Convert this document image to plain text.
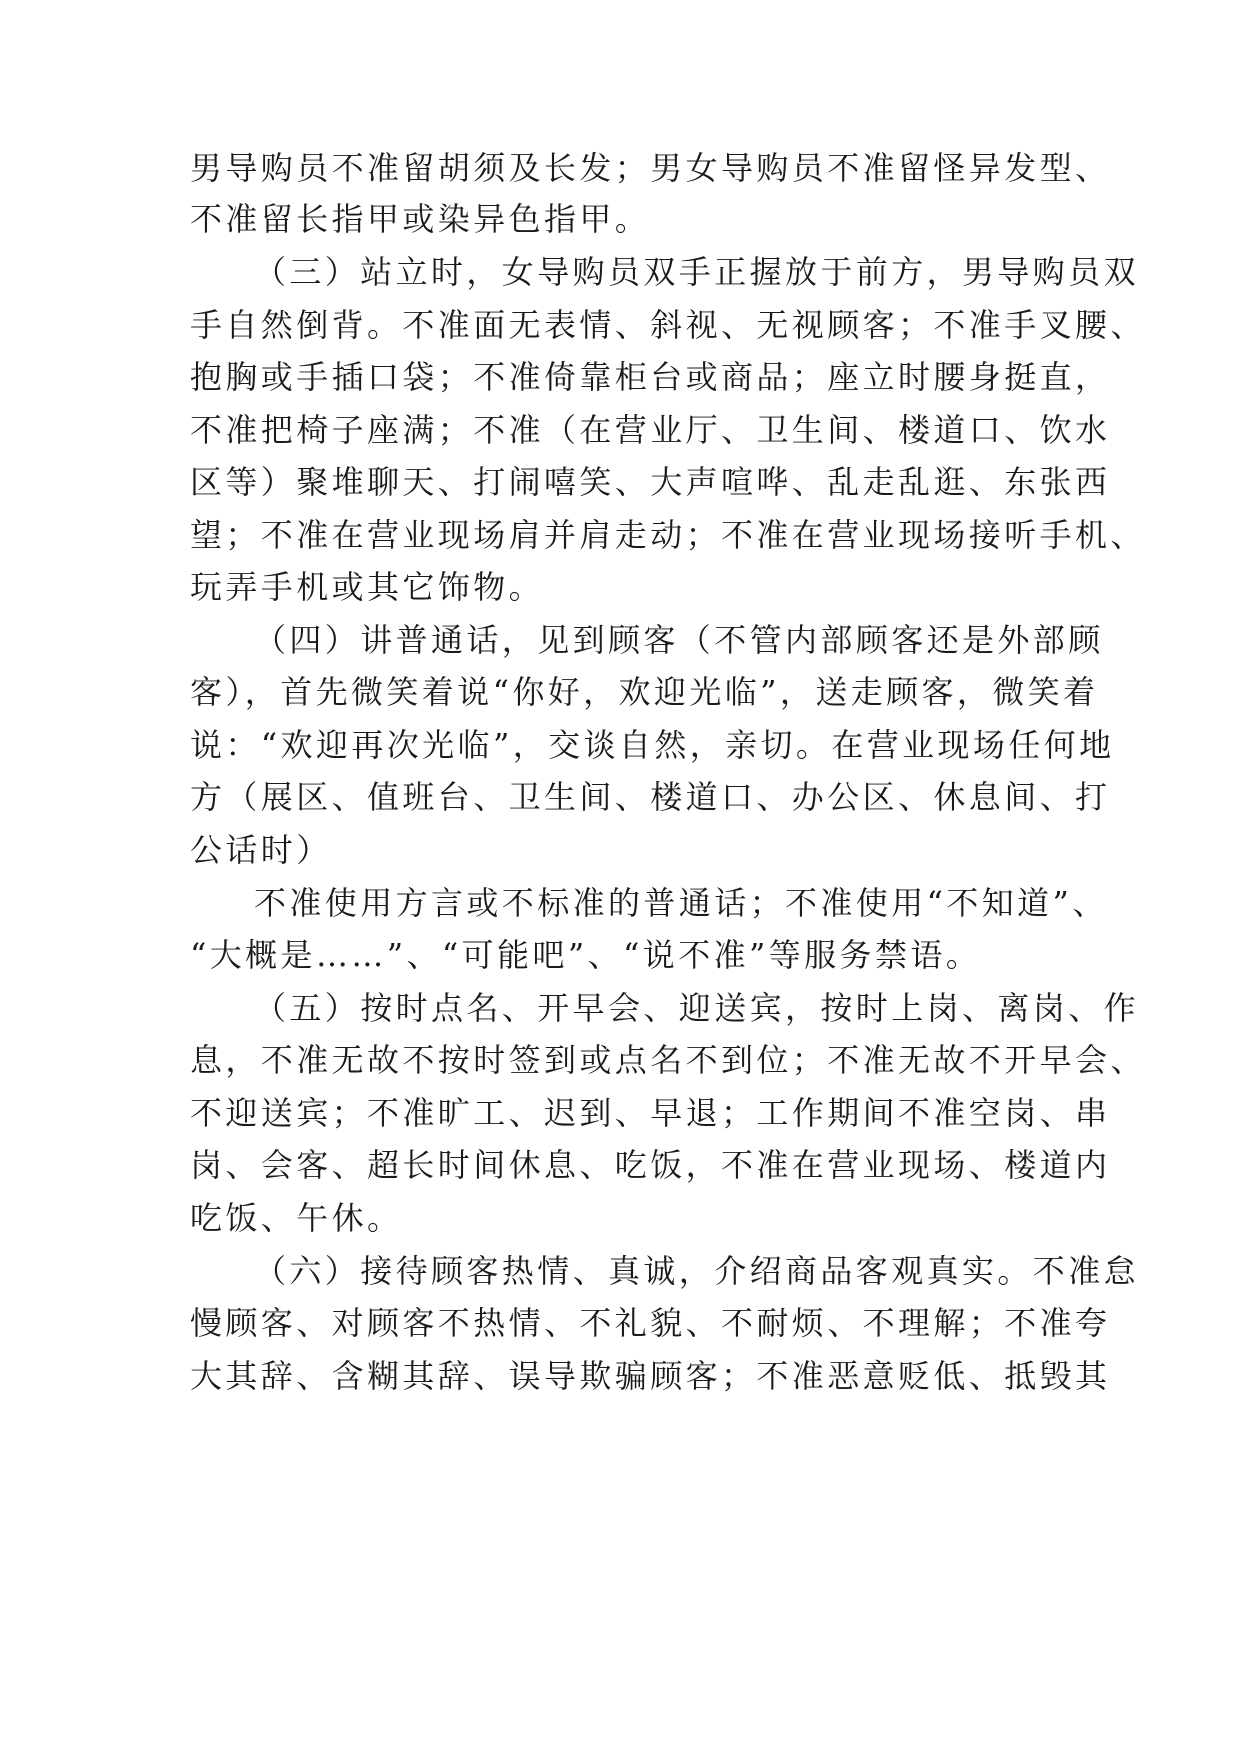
男导购员不准留胡须及长发；男女导购员不准留怪异发型、
不准留长指甲或染异色指甲。
（三）站立时，女导购员双手正握放于前方，男导购员双
手自然倒背。不准面无表情、斜视、无视顾客；不准手叉腰、
抱胸或手插口袋；不准倚靠柜台或商品；座立时腰身挺直，
不准把椅子座满；不准（在营业厅、卫生间、楼道口、饮水
区等）聚堆聊天、打闹嘻笑、大声喧哗、乱走乱逛、东张西
望；不准在营业现场肩并肩走动；不准在营业现场接听手机、
玩弄手机或其它饰物。
（四）讲普通话，见到顾客（不管内部顾客还是外部顾
客），首先微笑着说“你好，欢迎光临”，送走顾客，微笑着
说：“欢迎再次光临”，交谈自然，亲切。在营业现场任何地
方（展区、值班台、卫生间、楼道口、办公区、休息间、打
公话时）
不准使用方言或不标准的普通话；不准使用“不知道”、
“大概是……”、“可能吧”、“说不准”等服务禁语。
（五）按时点名、开早会、迎送宾，按时上岗、离岗、作
息，不准无故不按时签到或点名不到位；不准无故不开早会、
不迎送宾；不准旷工、迟到、早退；工作期间不准空岗、串
岗、会客、超长时间休息、吃饭，不准在营业现场、楼道内
吃饭、午休。
（六）接待顾客热情、真诚，介绍商品客观真实。不准怠
慢顾客、对顾客不热情、不礼貌、不耐烦、不理解；不准夸
大其辞、含糊其辞、误导欺骗顾客；不准恶意贬低、抵毁其
